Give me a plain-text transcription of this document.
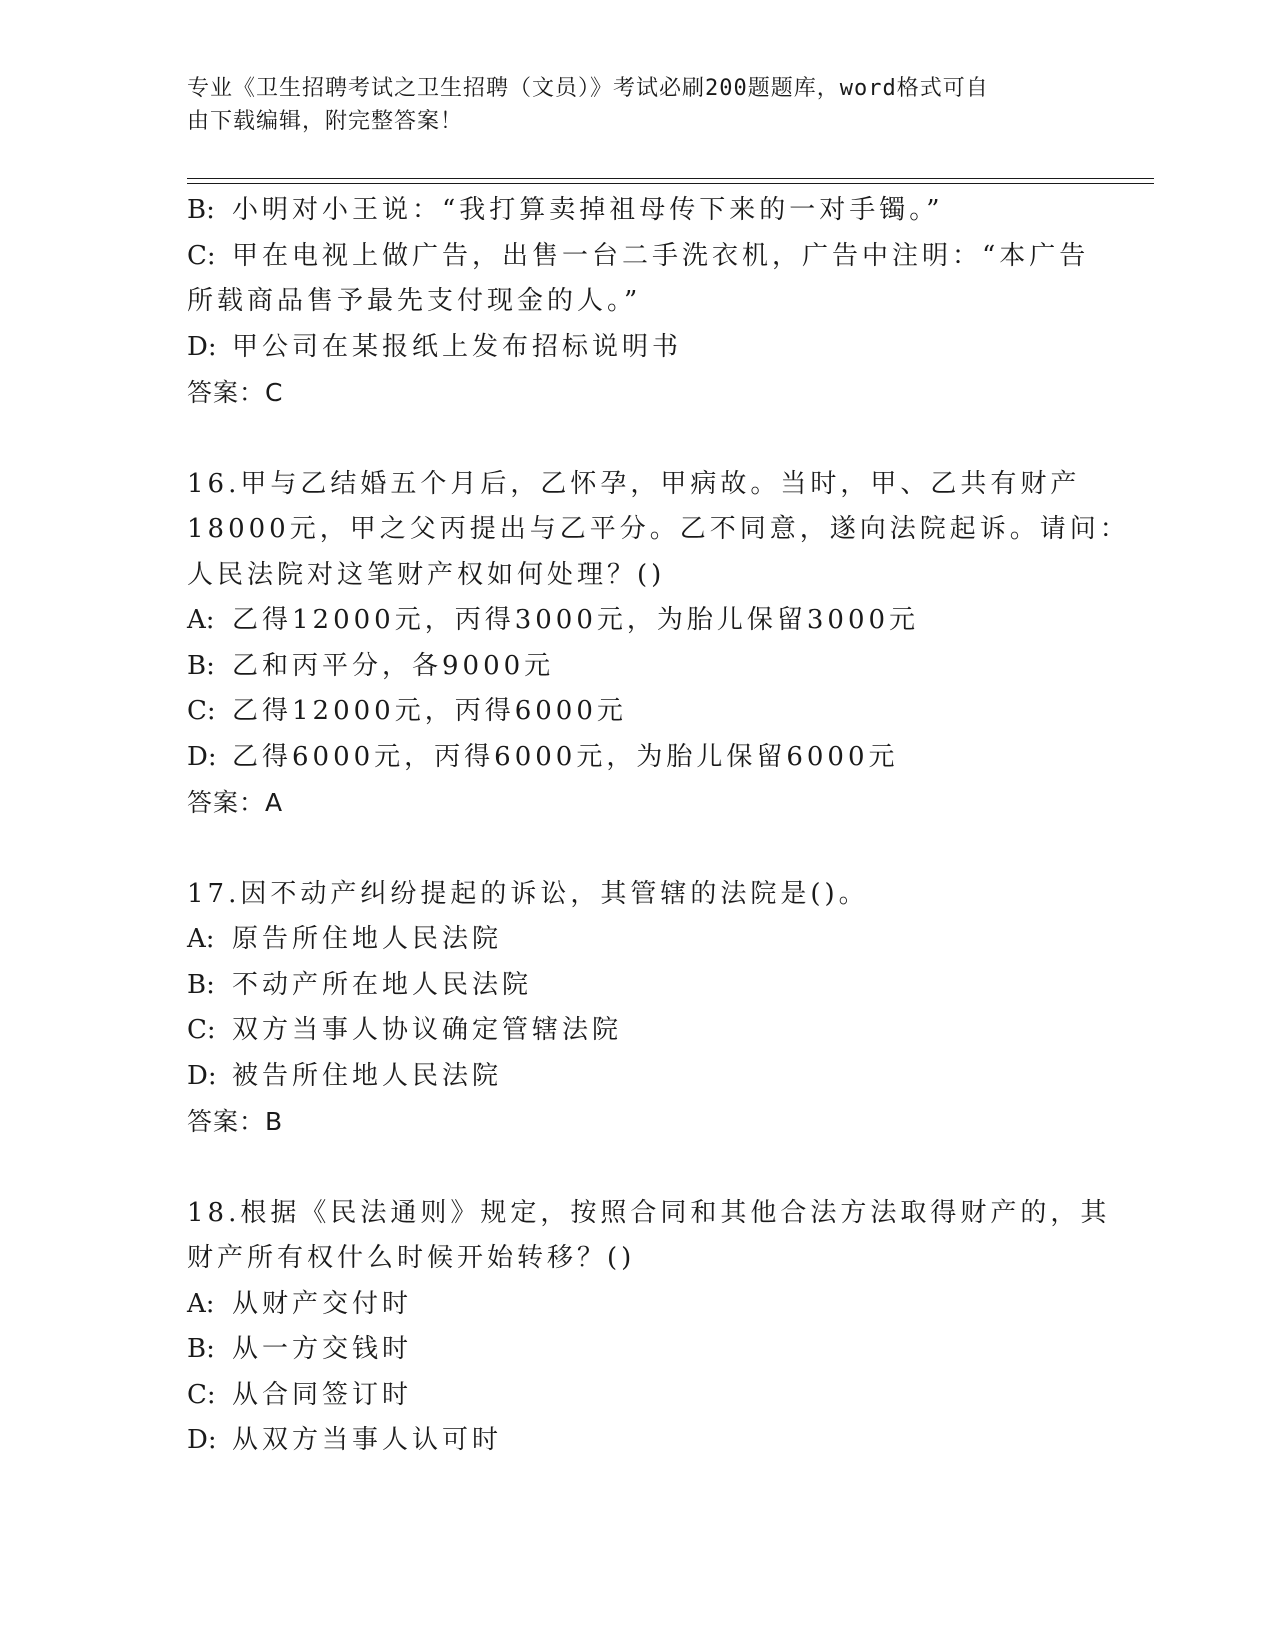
专业《卫生招聘考试之卫生招聘（文员）》考试必刷200题题库，word格式可自
由下载编辑，附完整答案！
B: 小明对小王说：“我打算卖掉祖母传下来的一对手镯。”
C: 甲在电视上做广告，出售一台二手洗衣机，广告中注明：“本广告
所载商品售予最先支付现金的人。”
D: 甲公司在某报纸上发布招标说明书
答案：C
16.甲与乙结婚五个月后，乙怀孕，甲病故。当时，甲、乙共有财产
18000元，甲之父丙提出与乙平分。乙不同意，遂向法院起诉。请问：
人民法院对这笔财产权如何处理？()
A: 乙得12000元，丙得3000元，为胎儿保留3000元
B: 乙和丙平分，各9000元
C: 乙得12000元，丙得6000元
D: 乙得6000元，丙得6000元，为胎儿保留6000元
答案：A
17.因不动产纠纷提起的诉讼，其管辖的法院是()。
A: 原告所住地人民法院
B: 不动产所在地人民法院
C: 双方当事人协议确定管辖法院
D: 被告所住地人民法院
答案：B
18.根据《民法通则》规定，按照合同和其他合法方法取得财产的，其
财产所有权什么时候开始转移？()
A: 从财产交付时
B: 从一方交钱时
C: 从合同签订时
D: 从双方当事人认可时
